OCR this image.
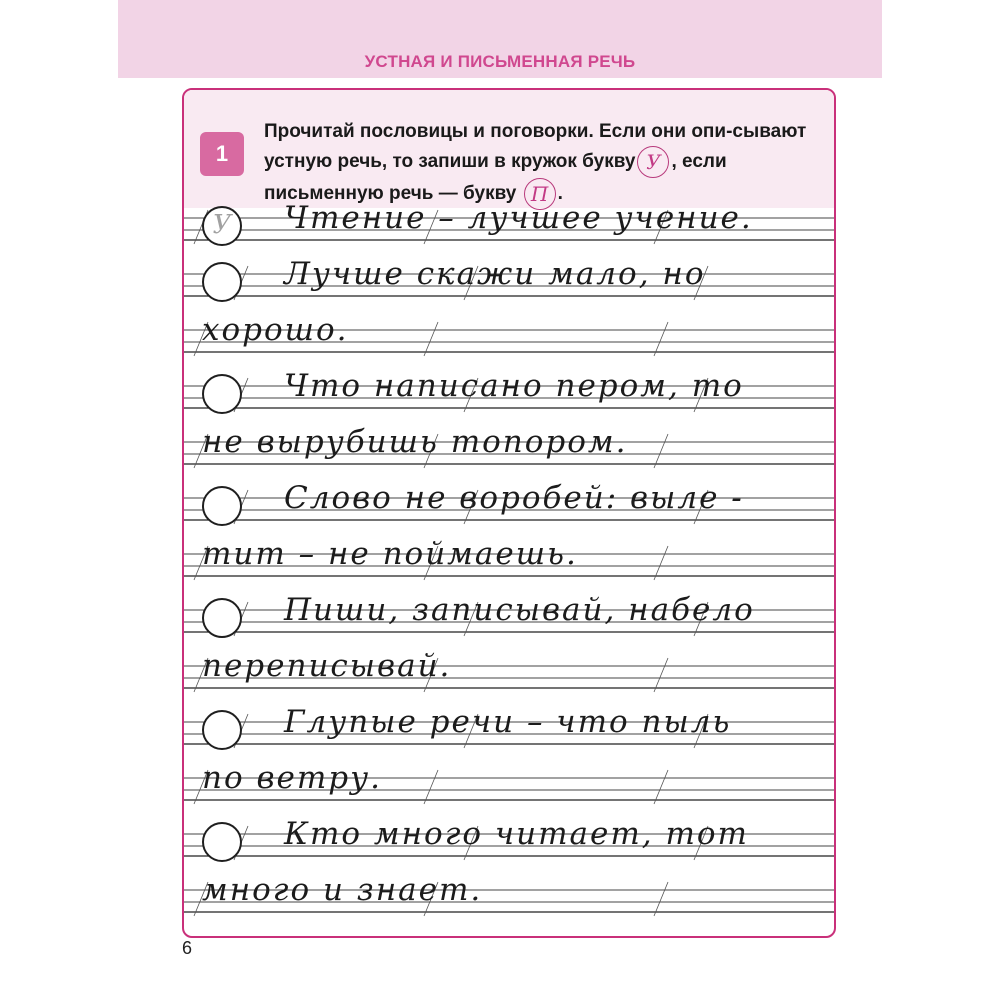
УСТНАЯ И ПИСЬМЕННАЯ РЕЧЬ
1
Прочитай пословицы и поговорки. Если они опи-сывают устную речь, то запиши в кружок букву У , если письменную речь — букву П .
У Чтение – лучшее учение.
Лучше скажи мало, но
хорошо.
Что написано пером, то
не вырубишь топором.
Слово не воробей: выле -
тит – не поймаешь.
Пиши, записывай, набело
переписывай.
Глупые речи – что пыль
по ветру.
Кто много читает, тот
много и знает.
6
